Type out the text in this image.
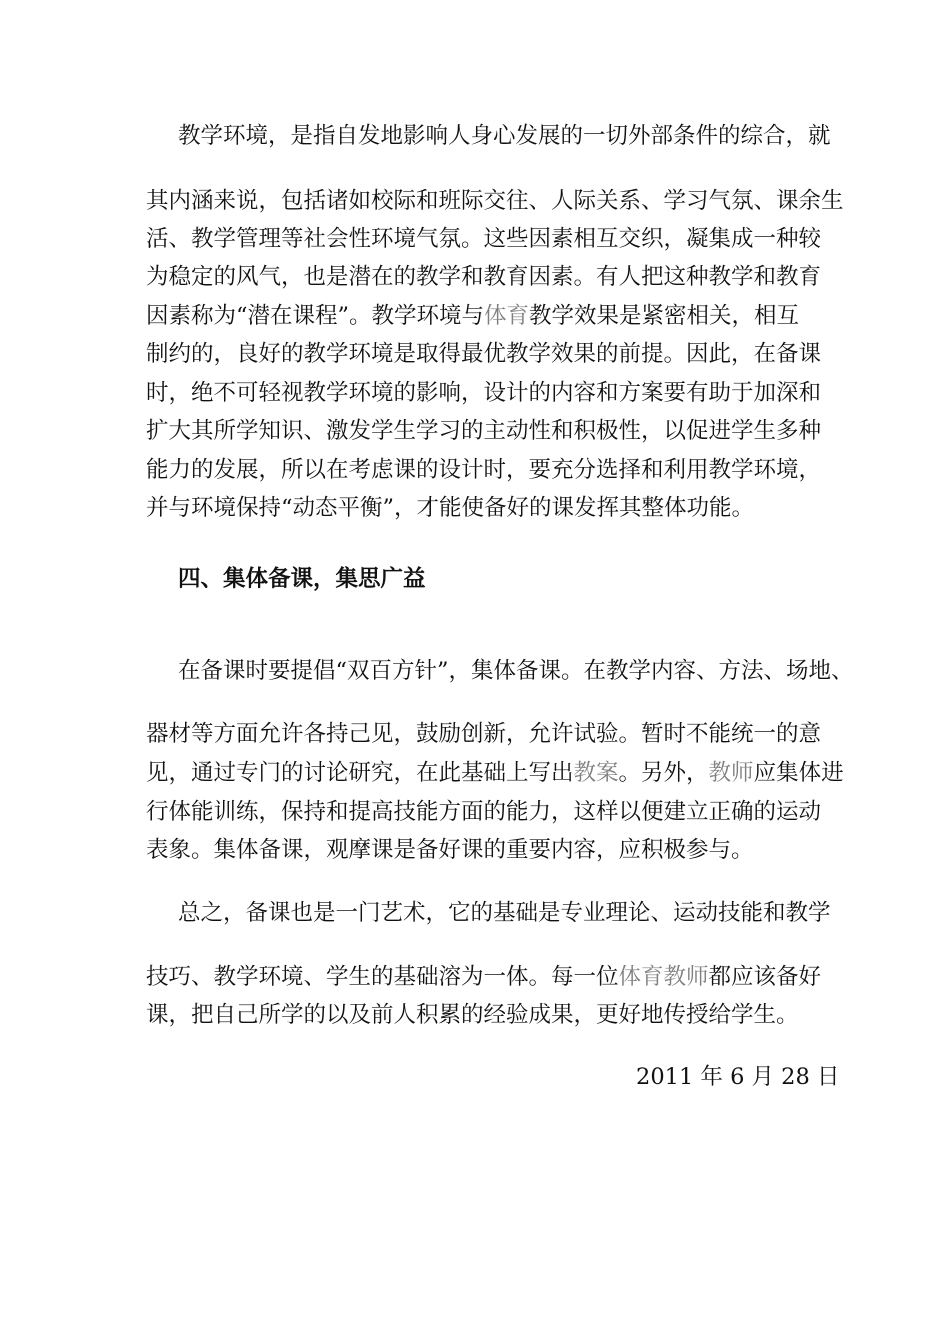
教学环境，是指自发地影响人身心发展的一切外部条件的综合，就
其内涵来说，包括诸如校际和班际交往、人际关系、学习气氛、课余生
活、教学管理等社会性环境气氛。这些因素相互交织，凝集成一种较
为稳定的风气，也是潜在的教学和教育因素。有人把这种教学和教育
因素称为“潜在课程”。教学环境与体育教学效果是紧密相关，相互
制约的，良好的教学环境是取得最优教学效果的前提。因此，在备课
时，绝不可轻视教学环境的影响，设计的内容和方案要有助于加深和
扩大其所学知识、激发学生学习的主动性和积极性，以促进学生多种
能力的发展，所以在考虑课的设计时，要充分选择和利用教学环境，
并与环境保持“动态平衡”，才能使备好的课发挥其整体功能。
四、集体备课，集思广益
在备课时要提倡“双百方针”，集体备课。在教学内容、方法、场地、
器材等方面允许各持己见，鼓励创新，允许试验。暂时不能统一的意
见，通过专门的讨论研究，在此基础上写出教案。另外，教师应集体进
行体能训练，保持和提高技能方面的能力，这样以便建立正确的运动
表象。集体备课，观摩课是备好课的重要内容，应积极参与。
总之，备课也是一门艺术，它的基础是专业理论、运动技能和教学
技巧、教学环境、学生的基础溶为一体。每一位体育教师都应该备好
课，把自己所学的以及前人积累的经验成果，更好地传授给学生。
2011 年 6 月 28 日
